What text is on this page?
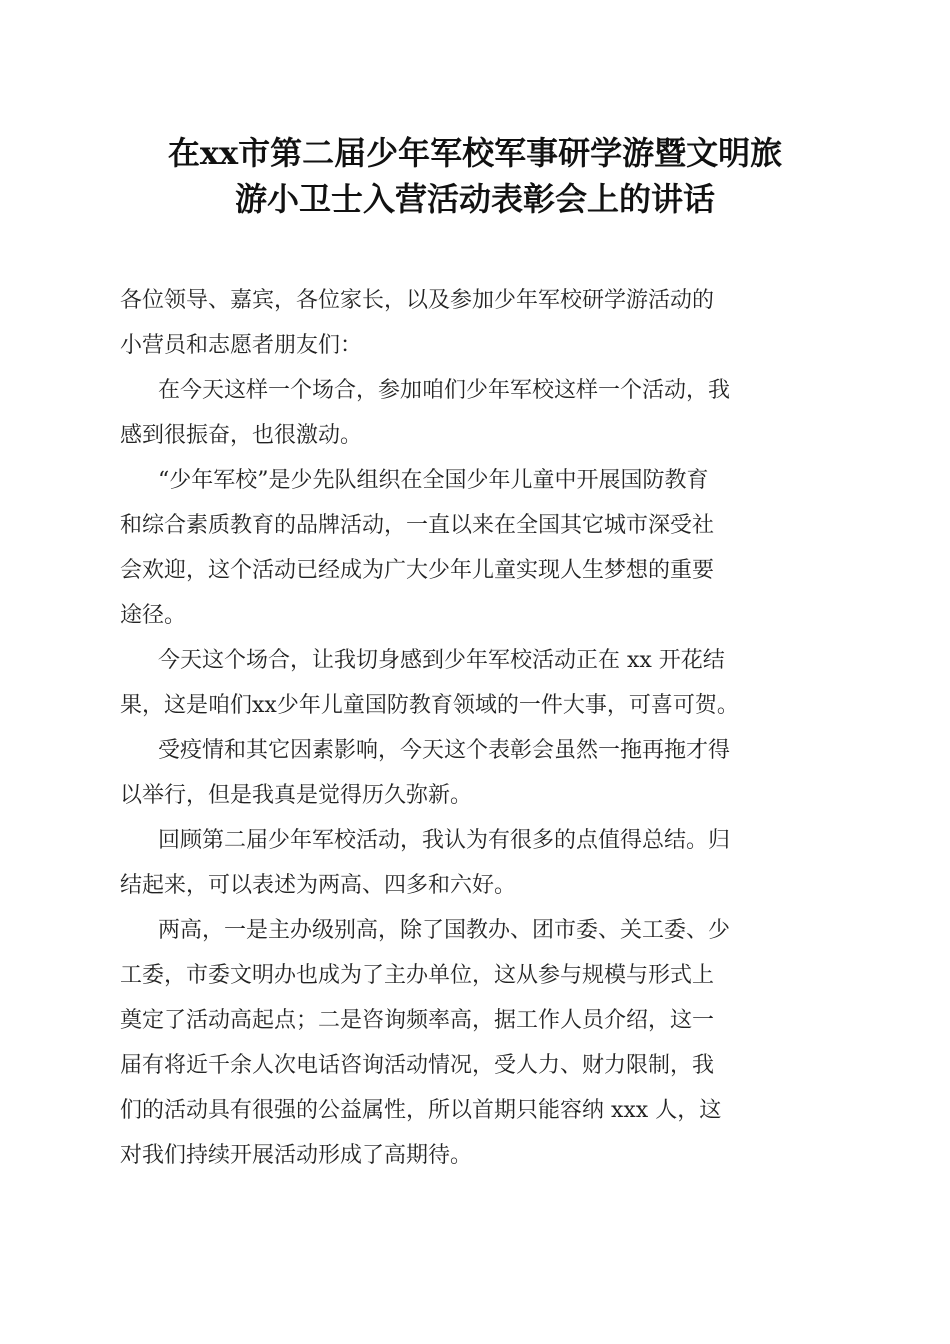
在xx市第二届少年军校军事研学游暨文明旅
游小卫士入营活动表彰会上的讲话
各位领导、嘉宾，各位家长，以及参加少年军校研学游活动的
小营员和志愿者朋友们：
在今天这样一个场合，参加咱们少年军校这样一个活动，我
感到很振奋，也很激动。
“少年军校”是少先队组织在全国少年儿童中开展国防教育
和综合素质教育的品牌活动，一直以来在全国其它城市深受社
会欢迎，这个活动已经成为广大少年儿童实现人生梦想的重要
途径。
今天这个场合，让我切身感到少年军校活动正在 xx 开花结
果，这是咱们xx少年儿童国防教育领域的一件大事，可喜可贺。
受疫情和其它因素影响，今天这个表彰会虽然一拖再拖才得
以举行，但是我真是觉得历久弥新。
回顾第二届少年军校活动，我认为有很多的点值得总结。归
结起来，可以表述为两高、四多和六好。
两高，一是主办级别高，除了国教办、团市委、关工委、少
工委，市委文明办也成为了主办单位，这从参与规模与形式上
奠定了活动高起点；二是咨询频率高，据工作人员介绍，这一
届有将近千余人次电话咨询活动情况，受人力、财力限制，我
们的活动具有很强的公益属性，所以首期只能容纳 xxx 人，这
对我们持续开展活动形成了高期待。
